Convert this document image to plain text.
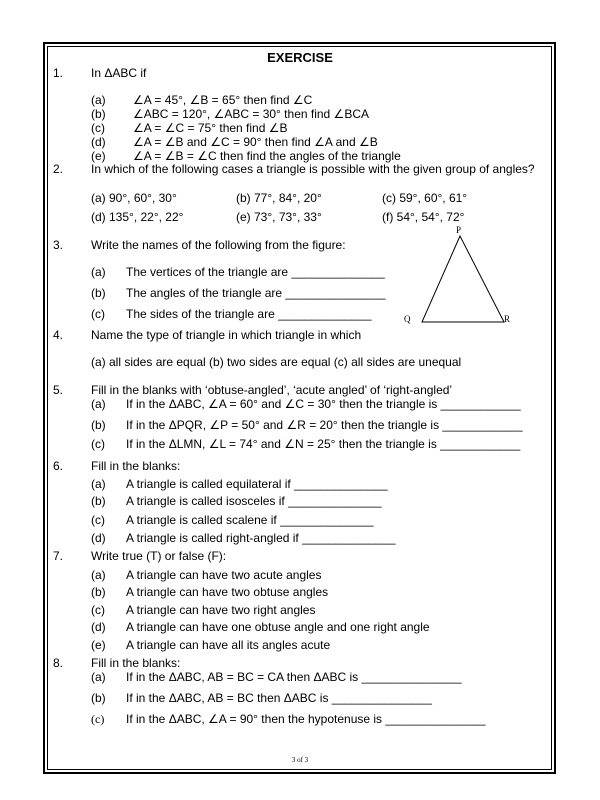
EXERCISE
1. In ΔABC if
(a) ∠A = 45°, ∠B = 65° then find ∠C
(b) ∠ABC = 120°, ∠ABC = 30° then find ∠BCA
(c) ∠A = ∠C = 75° then find ∠B
(d) ∠A = ∠B and ∠C = 90° then find ∠A and ∠B
(e) ∠A = ∠B = ∠C then find the angles of the triangle
2. In which of the following cases a triangle is possible with the given group of angles?
(a) 90°, 60°, 30°	(b) 77°, 84°, 20°	(c) 59°, 60°, 61°
(d) 135°, 22°, 22°	(e) 73°, 73°, 33°	(f) 54°, 54°, 72°
3. Write the names of the following from the figure:
(a) The vertices of the triangle are ______________
(b) The angles of the triangle are _______________
(c) The sides of the triangle are ______________
P
Q	R
4. Name the type of triangle in which triangle in which
(a) all sides are equal (b) two sides are equal (c) all sides are unequal
5. Fill in the blanks with ‘obtuse-angled’, ‘acute angled’ of ‘right-angled’
(a) If in the ΔABC, ∠A = 60° and ∠C = 30° then the triangle is ____________
(b) If in the ΔPQR, ∠P = 50° and ∠R = 20° then the triangle is ____________
(c) If in the ΔLMN, ∠L = 74° and ∠N = 25° then the triangle is ____________
6. Fill in the blanks:
(a) A triangle is called equilateral if ______________
(b) A triangle is called isosceles if ______________
(c) A triangle is called scalene if ______________
(d) A triangle is called right-angled if ______________
7. Write true (T) or false (F):
(a) A triangle can have two acute angles
(b) A triangle can have two obtuse angles
(c) A triangle can have two right angles
(d) A triangle can have one obtuse angle and one right angle
(e) A triangle can have all its angles acute
8. Fill in the blanks:
(a) If in the ΔABC, AB = BC = CA then ΔABC is _______________
(b) If in the ΔABC, AB = BC then ΔABC is _______________
(c) If in the ΔABC, ∠A = 90° then the hypotenuse is _______________
3 of 3
